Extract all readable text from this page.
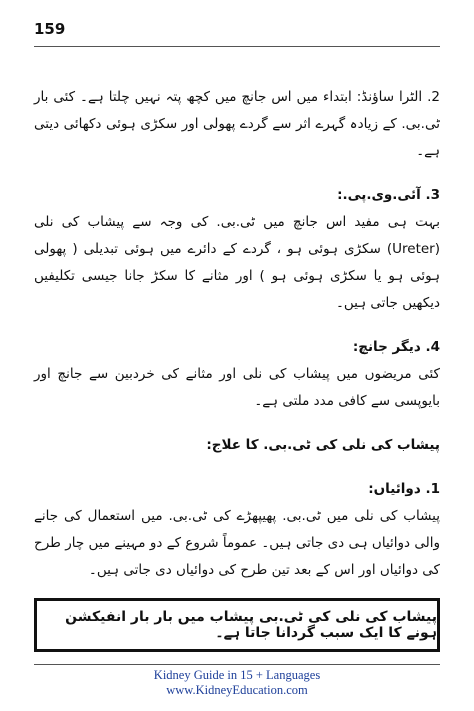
159

2. الٹرا ساؤنڈ: ابتداء میں اس جانچ میں کچھ پتہ نہیں چلتا ہے۔ کئی بار ٹی.بی. کے زیادہ گہرے اثر سے گردے پھولی اور سکڑی ہوئی دکھائی دیتی ہے۔

3. آئی.وی.پی.:

بہت ہی مفید اس جانچ میں ٹی.بی. کی وجہ سے پیشاب کی نلی (Ureter) سکڑی ہوئی ہو ، گردے کے دائرے میں ہوئی تبدیلی ( پھولی ہوئی ہو یا سکڑی ہوئی ہو ) اور مثانے کا سکڑ جانا جیسی تکلیفیں دیکھیں جاتی ہیں۔

4. دیگر جانچ:

کئی مریضوں میں پیشاب کی نلی اور مثانے کی خردبین سے جانچ اور بایوپسی سے کافی مدد ملتی ہے۔

پیشاب کی نلی کی ٹی.بی. کا علاج:

1. دوائیاں:

پیشاب کی نلی میں ٹی.بی. پھیپھڑے کی ٹی.بی. میں استعمال کی جانے والی دوائیاں ہی دی جاتی ہیں۔ عموماً شروع کے دو مہینے میں چار طرح کی دوائیاں اور اس کے بعد تین طرح کی دوائیاں دی جاتی ہیں۔

پیشاب کی نلی کی ٹی.بی پیشاب میں بار بار انفیکشن ہونے کا ایک سبب گردانا جاتا ہے۔
Kidney Guide in 15 + Languages
www.KidneyEducation.com
